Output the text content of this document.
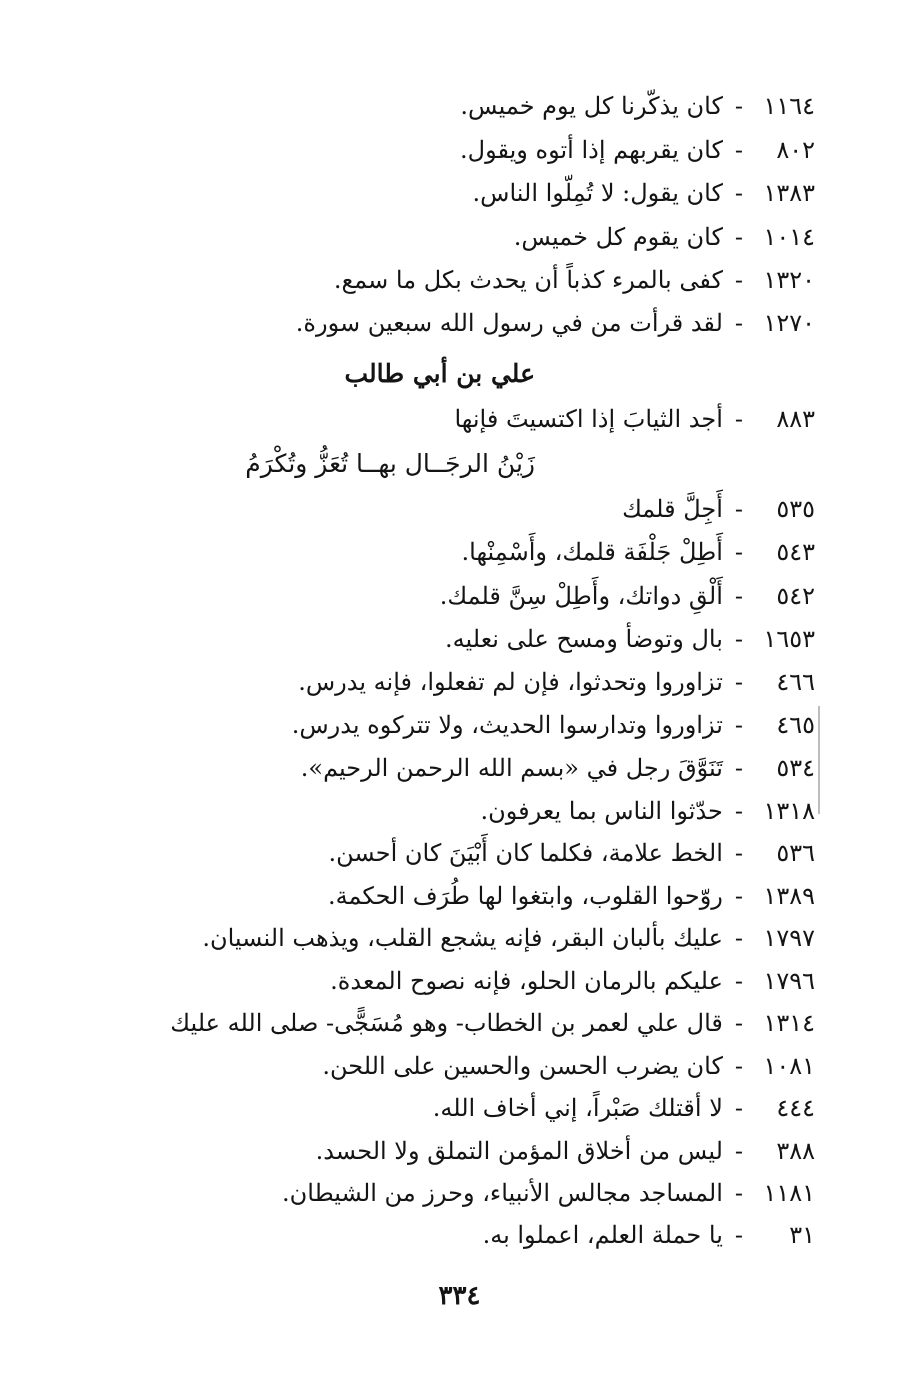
١١٦٤-كان يذكّرنا كل يوم خميس.
٨٠٢-كان يقربهم إذا أتوه ويقول.
١٣٨٣-كان يقول: لا تُمِلّوا الناس.
١٠١٤-كان يقوم كل خميس.
١٣٢٠-كفى بالمرء كذباً أن يحدث بكل ما سمع.
١٢٧٠-لقد قرأت من في رسول الله سبعين سورة.
علي بن أبي طالب
٨٨٣-أجد الثيابَ إذا اكتسيتَ فإنها
زَيْنُ الرجَــال بهــا تُعَزُّ وتُكْرَمُ
٥٣٥-أَجِلَّ قلمك
٥٤٣-أَطِلْ جَلْفَة قلمك، وأَسْمِنْها.
٥٤٢-أَلْقِ دواتك، وأَطِلْ سِنَّ قلمك.
١٦٥٣-بال وتوضأ ومسح على نعليه.
٤٦٦-تزاوروا وتحدثوا، فإن لم تفعلوا، فإنه يدرس.
٤٦٥-تزاوروا وتدارسوا الحديث، ولا تتركوه يدرس.
٥٣٤-تَنَوَّقَ رجل في «بسم الله الرحمن الرحيم».
١٣١٨-حدّثوا الناس بما يعرفون.
٥٣٦-الخط علامة، فكلما كان أَبْيَنَ كان أحسن.
١٣٨٩-روّحوا القلوب، وابتغوا لها طُرَف الحكمة.
١٧٩٧-عليك بألبان البقر، فإنه يشجع القلب، ويذهب النسيان.
١٧٩٦-عليكم بالرمان الحلو، فإنه نصوح المعدة.
١٣١٤-قال علي لعمر بن الخطاب- وهو مُسَجًّى- صلى الله عليك
١٠٨١-كان يضرب الحسن والحسين على اللحن.
٤٤٤-لا أقتلك صَبْراً، إني أخاف الله.
٣٨٨-ليس من أخلاق المؤمن التملق ولا الحسد.
١١٨١-المساجد مجالس الأنبياء، وحرز من الشيطان.
٣١-يا حملة العلم، اعملوا به.
٣٣٤
